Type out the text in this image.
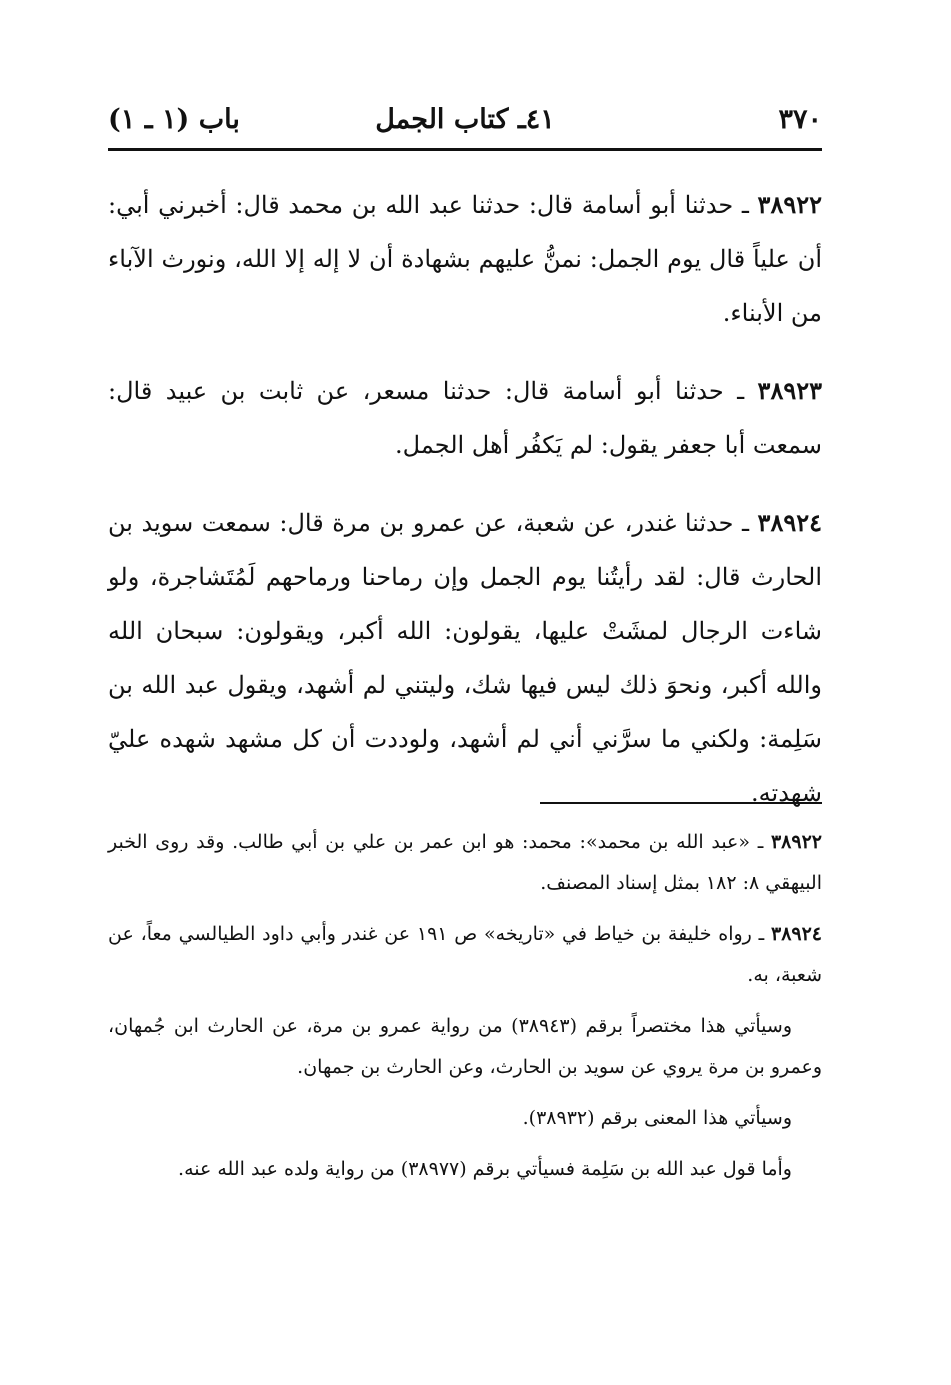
٣٧٠
٤١ـ كتاب الجمل
باب (١ ـ ١)

٣٨٩٢٢ ـ حدثنا أبو أسامة قال: حدثنا عبد الله بن محمد قال: أخبرني أبي: أن علياً قال يوم الجمل: نمنُّ عليهم بشهادة أن لا إله إلا الله، ونورث الآباء من الأبناء.

٣٨٩٢٣ ـ حدثنا أبو أسامة قال: حدثنا مسعر، عن ثابت بن عبيد قال: سمعت أبا جعفر يقول: لم يَكفُر أهل الجمل.

٣٨٩٢٤ ـ حدثنا غندر، عن شعبة، عن عمرو بن مرة قال: سمعت سويد بن الحارث قال: لقد رأيتُنا يوم الجمل وإن رماحنا ورماحهم لَمُتَشاجرة، ولو شاءت الرجال لمشَتْ عليها، يقولون: الله أكبر، ويقولون: سبحان الله والله أكبر، ونحوَ ذلك ليس فيها شك، وليتني لم أشهد، ويقول عبد الله بن سَلِمة: ولكني ما سرَّني أني لم أشهد، ولوددت أن كل مشهد شهده عليّ شهدته.

٣٨٩٢٢ ـ «عبد الله بن محمد»: محمد: هو ابن عمر بن علي بن أبي طالب. وقد روى الخبر البيهقي ٨: ١٨٢ بمثل إسناد المصنف.

٣٨٩٢٤ ـ رواه خليفة بن خياط في «تاريخه» ص ١٩١ عن غندر وأبي داود الطيالسي معاً، عن شعبة، به.

وسيأتي هذا مختصراً برقم (٣٨٩٤٣) من رواية عمرو بن مرة، عن الحارث ابن جُمهان، وعمرو بن مرة يروي عن سويد بن الحارث، وعن الحارث بن جمهان.

وسيأتي هذا المعنى برقم (٣٨٩٣٢).

وأما قول عبد الله بن سَلِمة فسيأتي برقم (٣٨٩٧٧) من رواية ولده عبد الله عنه.
